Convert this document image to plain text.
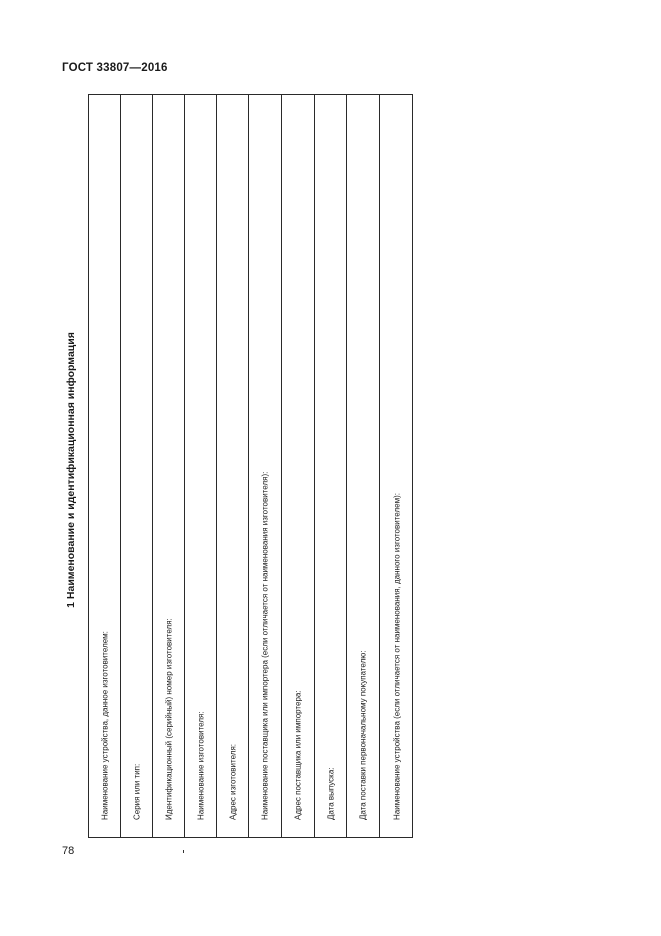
ГОСТ 33807—2016
1 Наименование и идентификационная информация
Наименование устройства, данное изготовителем:	Серия или тип:	Идентификационный (серийный) номер изготовителя:	Наименование изготовителя:	Адрес изготовителя:	Наименование поставщика или импортера (если отличается от наименования изготовителя):	Адрес поставщика или импортера:	Дата выпуска:	Дата поставки первоначальному покупателю:	Наименование устройства (если отличается от наименования, данного изготовителем):
78
